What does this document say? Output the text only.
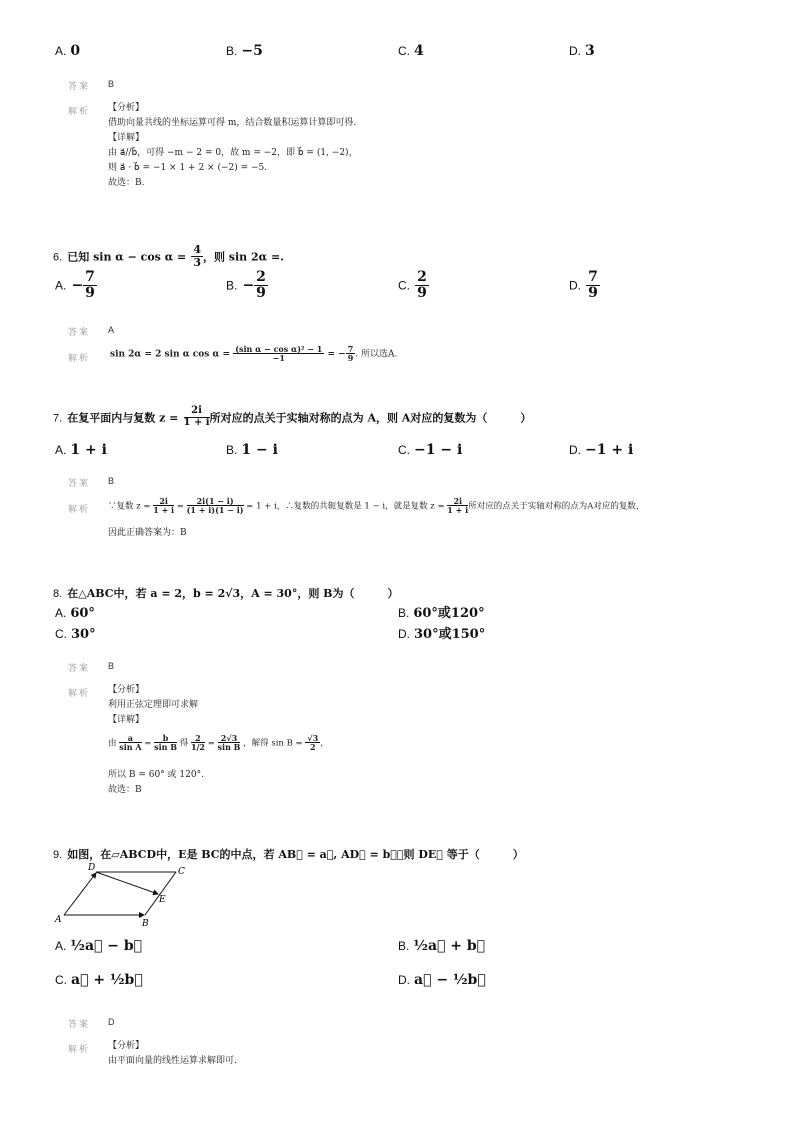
A. 0	B. −5	C. 4	D. 3
答案 B
解析 【分析】
借助向量共线的坐标运算可得 m，结合数量积运算计算即可得.
【详解】
由 a⃗//b⃗，可得 −m − 2 = 0，故 m = −2，即 b⃗ = (1, −2)，
则 a⃗ · b⃗ = −1 × 1 + 2 × (−2) = −5.
故选：B.
6. 已知 $\sin \alpha - \cos \alpha = \frac{4}{3}$ ，则 sin 2α =.
A. − $\frac{7}{9}$	B. − $\frac{2}{9}$	C. $\frac{2}{9}$	D. $\frac{7}{9}$
答案 A
解析 sin 2α = 2 sin α $\cos \alpha = \frac{\text{(sin α − cos α)² − 1}}{-1}$ = − $\frac{7}{9}$ . 所以选A.
7. 在复平面内与复数 $z = \frac{2i}{1 + i}$ 所对应的点关于实轴对称的点为 A，则 A对应的复数为（　　　）
A. 1 + i	B. 1 − i	C. −1 − i	D. −1 + i
答案 B
解析 ∵复数 $z = \frac{2i}{1 + i} = \frac{2i(1 - i)}{(1 + i)(1 - i)} = 1 + i$，∴复数的共轭复数是 1 − i，就是复数 $z = \frac{2i}{1 + i}$ 所对应的点关于实轴对称的点为A对应的复数，
因此正确答案为：B
8. 在△ABC中，若 a = 2，b = 2√3，A = 30°，则 B为（　　　）
A. 60°	B. 60°或120°
C. 30°	D. 30°或150°
答案 B
解析 【分析】
利用正弦定理即可求解
【详解】
由 $\frac{a}{\text{sin A}} = \frac{b}{\text{sin B}}$ 得 $\frac{2}{1/2} = \frac{2√3}{\text{sin B}}$ ，解得 $\sin B = \frac{√3}{2}$ ，
所以 B = 60° 或 120°.
故选：B
9. 如图，在▱ABCD中，E是 BC的中点，若 AB⃗ = a⃗, AD⃗ = b⃗，则 DE⃗ 等于（　　　）
A	B
C
D
E
A. ½a⃗ − b⃗	B. ½a⃗ + b⃗
C. a⃗ + ½b⃗	D. a⃗ − ½b⃗
答案 D
解析 【分析】
由平面向量的线性运算求解即可.
